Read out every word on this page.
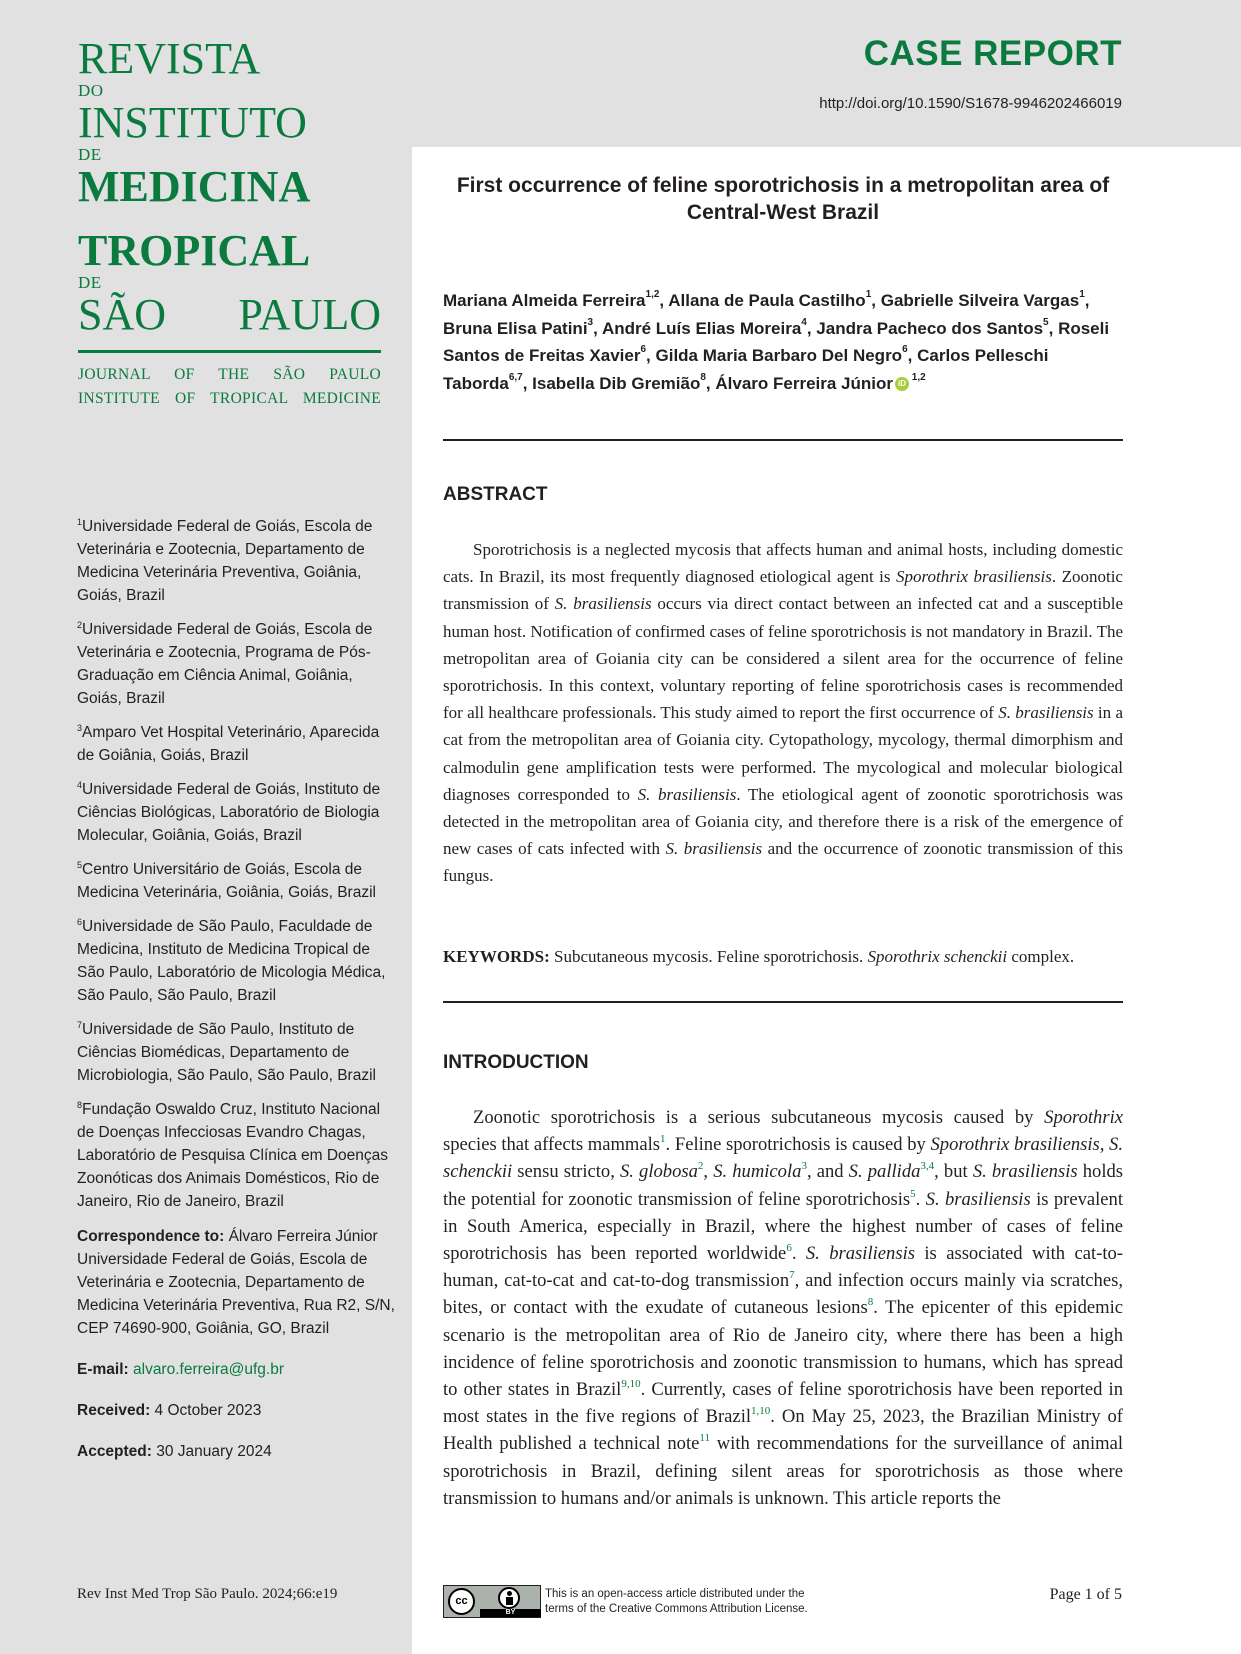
REVISTA
DO
INSTITUTO
DE
MEDICINA
TROPICAL
DE
SÃO PAULO
JOURNAL OF THE SÃO PAULO
INSTITUTE OF TROPICAL MEDICINE
$^1$Universidade Federal de Goiás, Escola de Veterinária e Zootecnia, Departamento de Medicina Veterinária Preventiva, Goiânia, Goiás, Brazil
$^2$Universidade Federal de Goiás, Escola de Veterinária e Zootecnia, Programa de Pós-Graduação em Ciência Animal, Goiânia, Goiás, Brazil
$^3$Amparo Vet Hospital Veterinário, Aparecida de Goiânia, Goiás, Brazil
$^4$Universidade Federal de Goiás, Instituto de Ciências Biológicas, Laboratório de Biologia Molecular, Goiânia, Goiás, Brazil
$^5$Centro Universitário de Goiás, Escola de Medicina Veterinária, Goiânia, Goiás, Brazil
$^6$Universidade de São Paulo, Faculdade de Medicina, Instituto de Medicina Tropical de São Paulo, Laboratório de Micologia Médica, São Paulo, São Paulo, Brazil
$^7$Universidade de São Paulo, Instituto de Ciências Biomédicas, Departamento de Microbiologia, São Paulo, São Paulo, Brazil
$^8$Fundação Oswaldo Cruz, Instituto Nacional de Doenças Infecciosas Evandro Chagas, Laboratório de Pesquisa Clínica em Doenças Zoonóticas dos Animais Domésticos, Rio de Janeiro, Rio de Janeiro, Brazil
Correspondence to: Álvaro Ferreira Júnior Universidade Federal de Goiás, Escola de Veterinária e Zootecnia, Departamento de Medicina Veterinária Preventiva, Rua R2, S/N, CEP 74690-900, Goiânia, GO, Brazil
E-mail: alvaro.ferreira@ufg.br
Received: 4 October 2023
Accepted: 30 January 2024
Rev Inst Med Trop São Paulo. 2024;66:e19
CASE REPORT
http://doi.org/10.1590/S1678-9946202466019
First occurrence of feline sporotrichosis in a metropolitan area of Central-West Brazil
Mariana Almeida Ferreira$^{1,2}$, Allana de Paula Castilho$^1$, Gabrielle Silveira Vargas$^1$, Bruna Elisa Patini$^3$, André Luís Elias Moreira$^4$, Jandra Pacheco dos Santos$^5$, Roseli Santos de Freitas Xavier$^6$, Gilda Maria Barbaro Del Negro$^6$, Carlos Pelleschi Taborda$^{6,7}$, Isabella Dib Gremião$^8$, Álvaro Ferreira Júnior iD $^{1,2}$
ABSTRACT
Sporotrichosis is a neglected mycosis that affects human and animal hosts, including domestic cats. In Brazil, its most frequently diagnosed etiological agent is Sporothrix brasiliensis. Zoonotic transmission of S. brasiliensis occurs via direct contact between an infected cat and a susceptible human host. Notification of confirmed cases of feline sporotrichosis is not mandatory in Brazil. The metropolitan area of Goiania city can be considered a silent area for the occurrence of feline sporotrichosis. In this context, voluntary reporting of feline sporotrichosis cases is recommended for all healthcare professionals. This study aimed to report the first occurrence of S. brasiliensis in a cat from the metropolitan area of Goiania city. Cytopathology, mycology, thermal dimorphism and calmodulin gene amplification tests were performed. The mycological and molecular biological diagnoses corresponded to S. brasiliensis. The etiological agent of zoonotic sporotrichosis was detected in the metropolitan area of Goiania city, and therefore there is a risk of the emergence of new cases of cats infected with S. brasiliensis and the occurrence of zoonotic transmission of this fungus.
KEYWORDS: Subcutaneous mycosis. Feline sporotrichosis. Sporothrix schenckii complex.
INTRODUCTION
Zoonotic sporotrichosis is a serious subcutaneous mycosis caused by Sporothrix species that affects mammals$^1$. Feline sporotrichosis is caused by Sporothrix brasiliensis, S. schenckii sensu stricto, S. globosa$^2$, S. humicola$^3$, and S. pallida$^{3,4}$, but S. brasiliensis holds the potential for zoonotic transmission of feline sporotrichosis$^5$. S. brasiliensis is prevalent in South America, especially in Brazil, where the highest number of cases of feline sporotrichosis has been reported worldwide$^6$. S. brasiliensis is associated with cat-to-human, cat-to-cat and cat-to-dog transmission$^7$, and infection occurs mainly via scratches, bites, or contact with the exudate of cutaneous lesions$^8$. The epicenter of this epidemic scenario is the metropolitan area of Rio de Janeiro city, where there has been a high incidence of feline sporotrichosis and zoonotic transmission to humans, which has spread to other states in Brazil$^{9,10}$. Currently, cases of feline sporotrichosis have been reported in most states in the five regions of Brazil$^{1,10}$. On May 25, 2023, the Brazilian Ministry of Health published a technical note$^{11}$ with recommendations for the surveillance of animal sporotrichosis in Brazil, defining silent areas for sporotrichosis as those where transmission to humans and/or animals is unknown. This article reports the
cc
BY
This is an open-access article distributed under the
terms of the Creative Commons Attribution License.
Page 1 of 5
